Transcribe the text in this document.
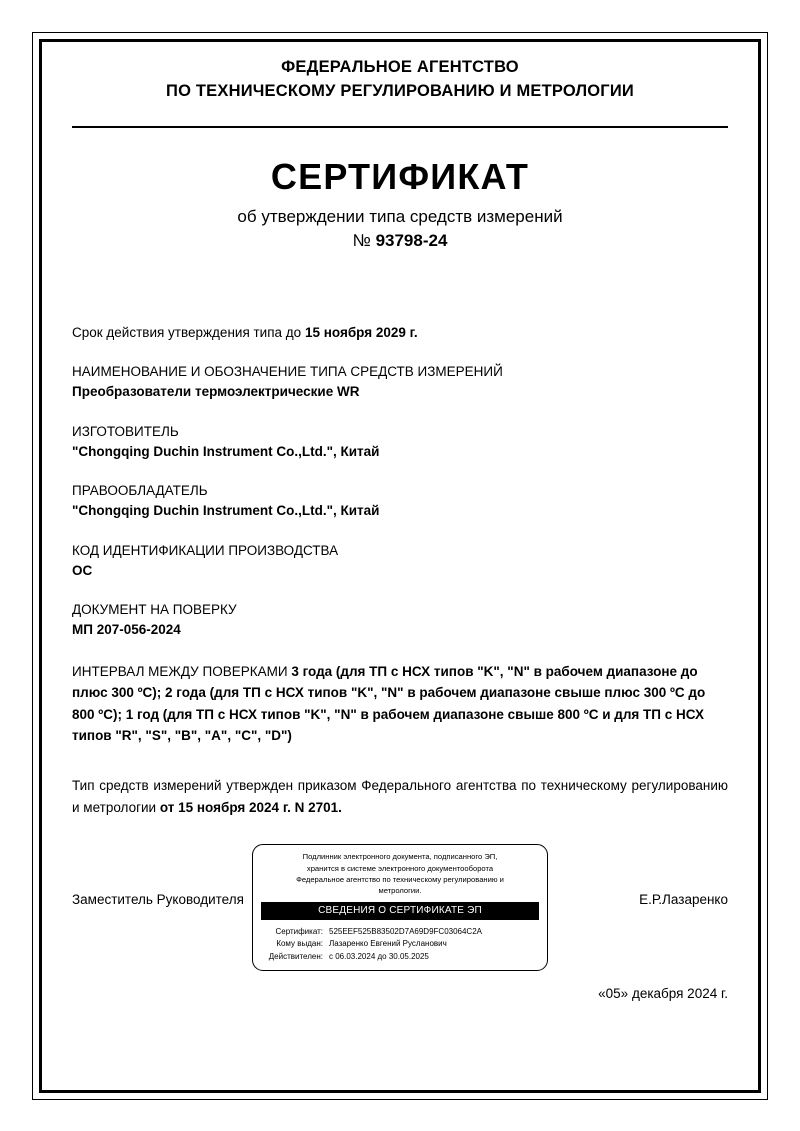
ФЕДЕРАЛЬНОЕ АГЕНТСТВО
ПО ТЕХНИЧЕСКОМУ РЕГУЛИРОВАНИЮ И МЕТРОЛОГИИ
СЕРТИФИКАТ
об утверждении типа средств измерений
№ 93798-24
Срок действия утверждения типа до 15 ноября 2029 г.
НАИМЕНОВАНИЕ И ОБОЗНАЧЕНИЕ ТИПА СРЕДСТВ ИЗМЕРЕНИЙ
Преобразователи термоэлектрические WR
ИЗГОТОВИТЕЛЬ
"Chongqing Duchin Instrument Co.,Ltd.", Китай
ПРАВООБЛАДАТЕЛЬ
"Chongqing Duchin Instrument Co.,Ltd.", Китай
КОД ИДЕНТИФИКАЦИИ ПРОИЗВОДСТВА
OC
ДОКУМЕНТ НА ПОВЕРКУ
МП 207-056-2024
ИНТЕРВАЛ МЕЖДУ ПОВЕРКАМИ 3 года (для ТП с НСХ типов "K", "N" в рабочем диапазоне до плюс 300 ºС); 2 года (для ТП с НСХ типов "K", "N" в рабочем диапазоне свыше плюс 300 ºС до 800 ºС); 1 год (для ТП с НСХ типов "K", "N" в рабочем диапазоне свыше 800 ºС и для ТП с НСХ типов "R", "S", "B", "A", "C", "D")
Тип средств измерений утвержден приказом Федерального агентства по техническому регулированию и метрологии от 15 ноября 2024 г. N 2701.
Заместитель Руководителя
Подлинник электронного документа, подписанного ЭП,
хранится в системе электронного документооборота
Федеральное агентство по техническому регулированию и
метрологии.
СВЕДЕНИЯ О СЕРТИФИКАТЕ ЭП
Сертификат: 525EEF525B83502D7A69D9FC03064C2A
Кому выдан: Лазаренко Евгений Русланович
Действителен: с 06.03.2024 до 30.05.2025
Е.Р.Лазаренко
«05» декабря 2024 г.
